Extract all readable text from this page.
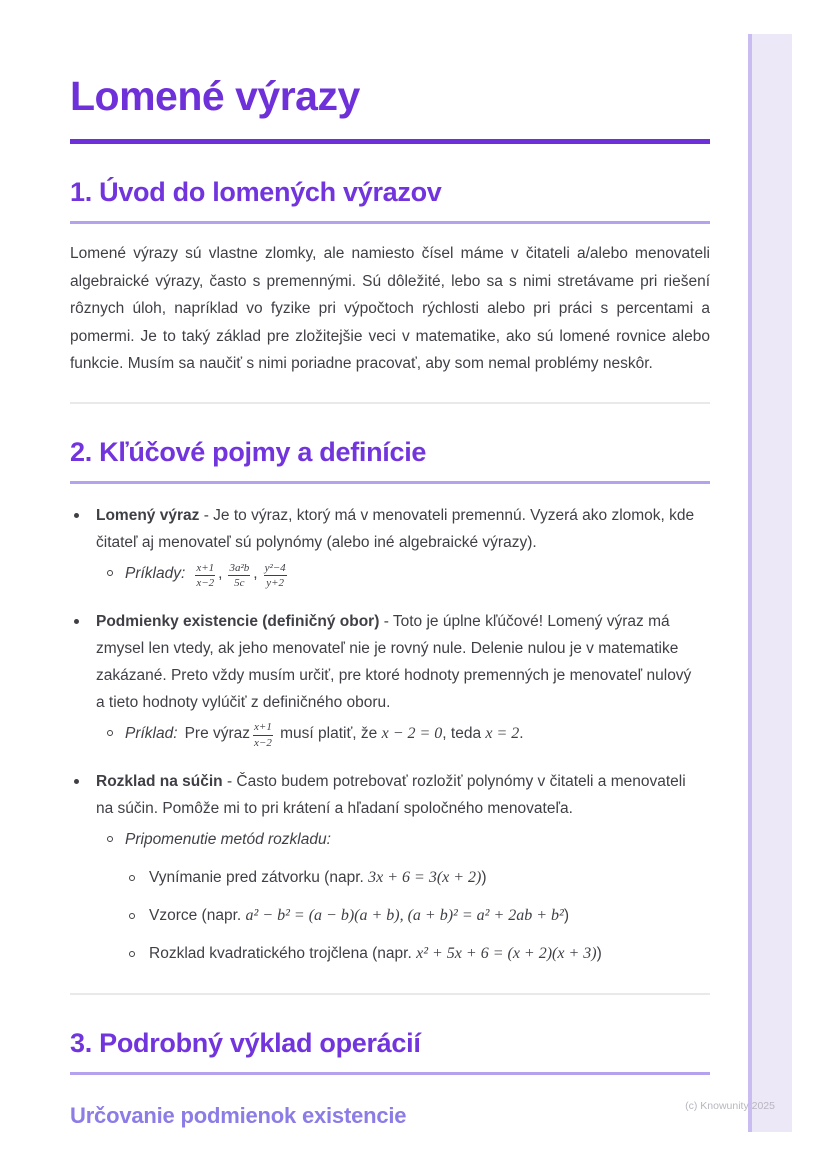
Lomené výrazy
1. Úvod do lomených výrazov

Lomené výrazy sú vlastne zlomky, ale namiesto čísel máme v čitateli a/alebo menovateli algebraické výrazy, často s premennými. Sú dôležité, lebo sa s nimi stretávame pri riešení rôznych úloh, napríklad vo fyzike pri výpočtoch rýchlosti alebo pri práci s percentami a pomermi. Je to taký základ pre zložitejšie veci v matematike, ako sú lomené rovnice alebo funkcie. Musím sa naučiť s nimi poriadne pracovať, aby som nemal problémy neskôr.

2. Kľúčové pojmy a definície
Lomený výraz - Je to výraz, ktorý má v menovateli premennú. Vyzerá ako zlomok, kde čitateľ aj menovateľ sú polynómy (alebo iné algebraické výrazy).
Príklady: $\frac{x+1}{x-2}$ , $\frac{\text{3a²b}}{5c}$ , $\frac{\text{y²−4}}{y+2}$
Podmienky existencie (definičný obor) - Toto je úplne kľúčové! Lomený výraz má zmysel len vtedy, ak jeho menovateľ nie je rovný nule. Delenie nulou je v matematike zakázané. Preto vždy musím určiť, pre ktoré hodnoty premenných je menovateľ nulový a tieto hodnoty vylúčiť z definičného oboru.
Príklad: Pre výraz $\frac{x+1}{x-2}$ musí platiť, že x − 2 = 0, teda x = 2.
Rozklad na súčin - Často budem potrebovať rozložiť polynómy v čitateli a menovateli na súčin. Pomôže mi to pri krátení a hľadaní spoločného menovateľa.
Pripomenutie metód rozkladu:
Vynímanie pred zátvorku (napr. 3x + 6 = 3(x + 2))
Vzorce (napr. a² − b² = (a − b)(a + b), (a + b)² = a² + 2ab + b²)
Rozklad kvadratického trojčlena (napr. x² + 5x + 6 = (x + 2)(x + 3))
3. Podrobný výklad operácií
Určovanie podmienok existencie	(c) Knowunity 2025
